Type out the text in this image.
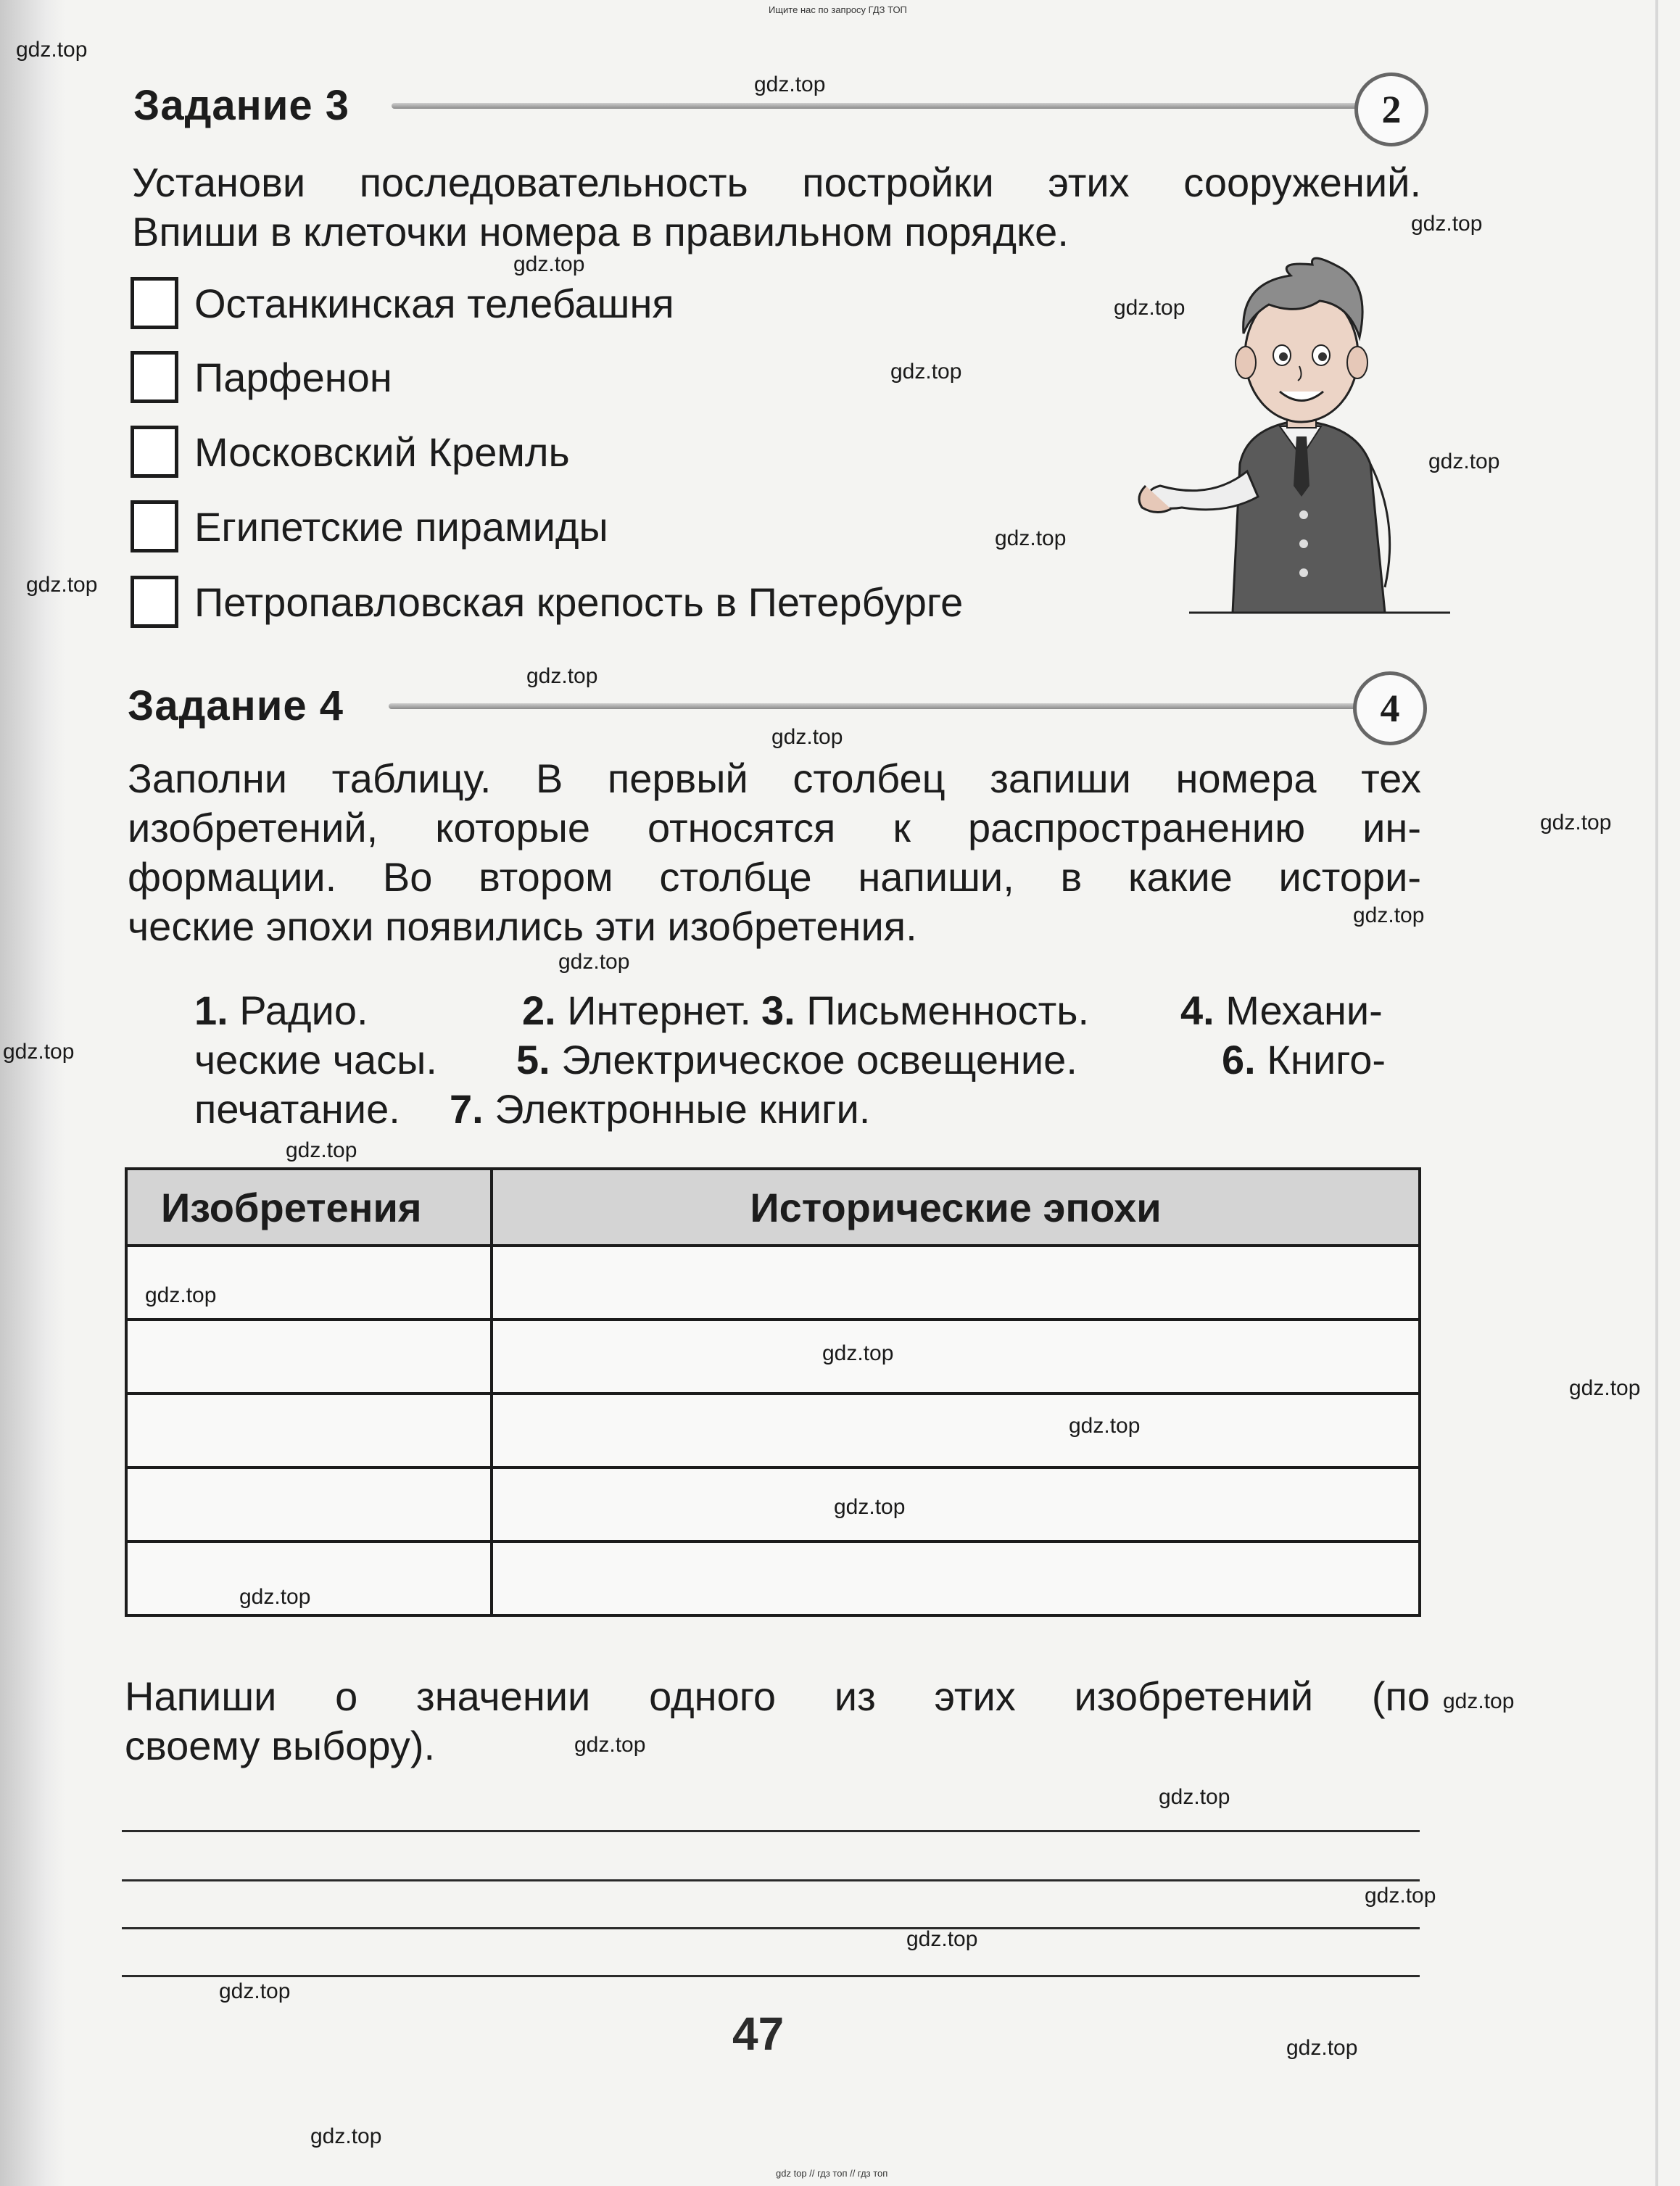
Ищите нас по запросу ГДЗ ТОП
Задание 3	2
Установи последовательность постройки этих сооружений.
Впиши в клеточки номера в правильном порядке.
Останкинская телебашня
Парфенон
Московский Кремль
Египетские пирамиды
Петропавловская крепость в Петербурге
Задание 4	4
Заполни таблицу. В первый столбец запиши номера тех
изобретений, которые относятся к распространению ин-
формации. Во втором столбце напиши, в какие истори-
ческие эпохи появились эти изобретения.
1. Радио.	2. Интернет. 3. Письменность. 4. Механи-
ческие часы. 5. Электрическое освещение.	6. Книго-
печатание. 7. Электронные книги.
Изобретения	Исторические эпохи

Напиши о значении одного из этих изобретений (по
своему выбору).
47
gdz top // гдз топ // гдз топ
gdz.top
gdz.top
gdz.top
gdz.top
gdz.top
gdz.top
gdz.top
gdz.top
gdz.top
gdz.top
gdz.top
gdz.top
gdz.top
gdz.top
gdz.top
gdz.top
gdz.top
gdz.top
gdz.top
gdz.top
gdz.top
gdz.top
gdz.top
gdz.top
gdz.top
gdz.top
gdz.top
gdz.top
gdz.top
gdz.top
